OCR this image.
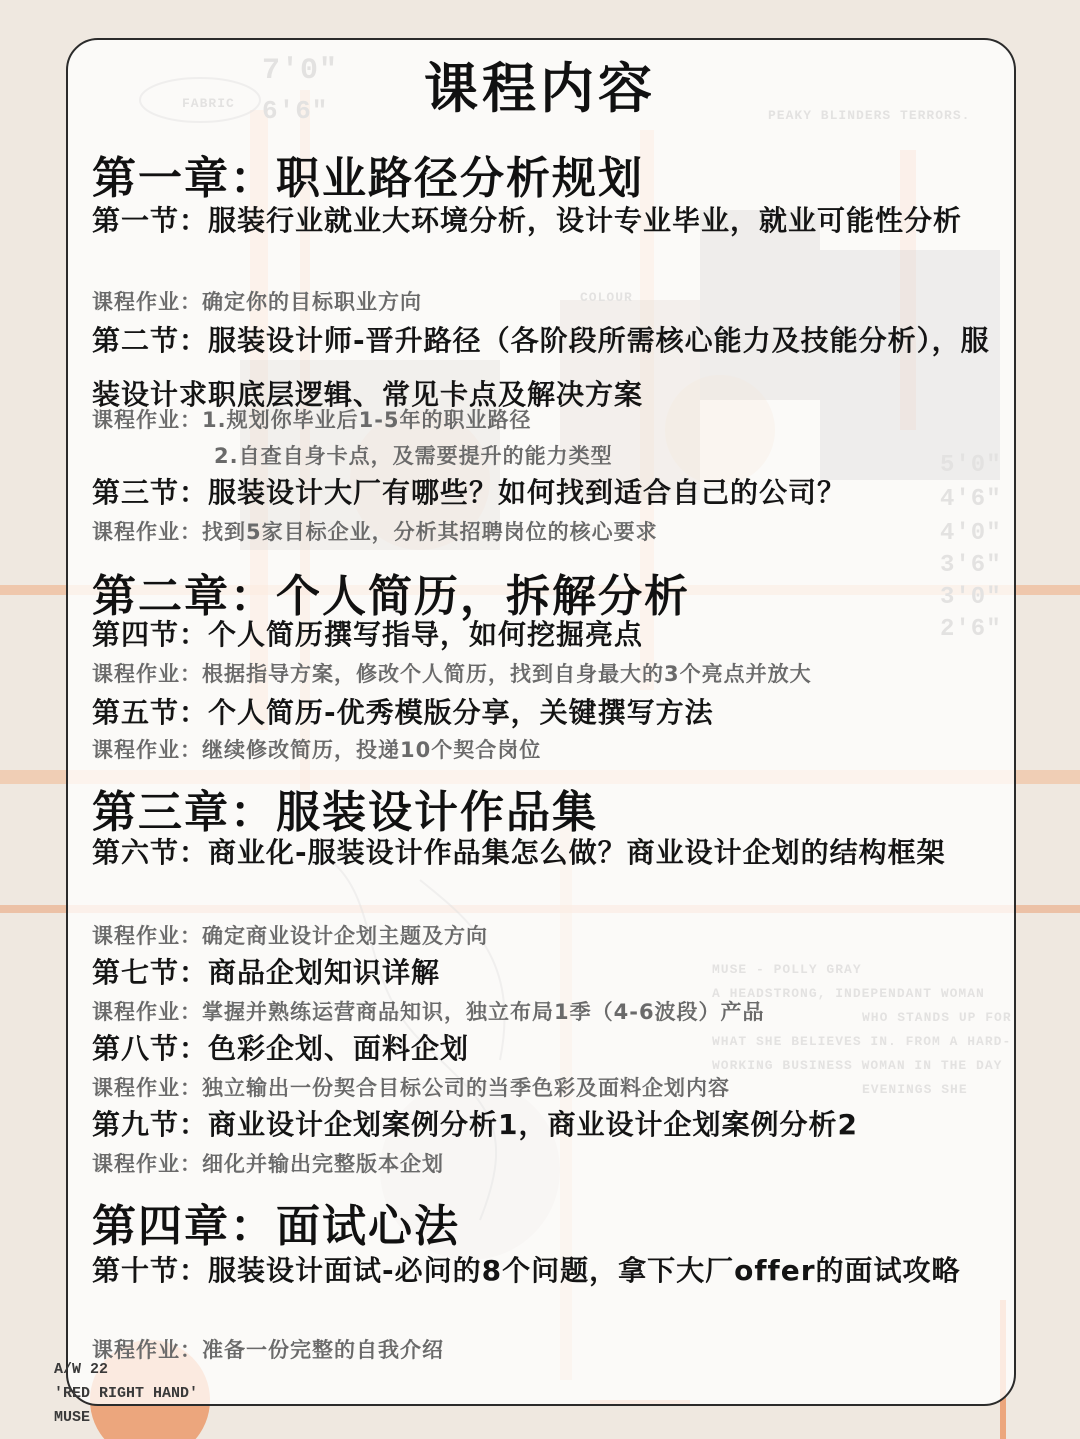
课程内容
第一章：职业路径分析规划
第一节：服装行业就业大环境分析，设计专业毕业，就业可能性分析
课程作业：确定你的目标职业方向
第二节：服装设计师-晋升路径（各阶段所需核心能力及技能分析），服装设计求职底层逻辑、常见卡点及解决方案
课程作业：1.规划你毕业后1-5年的职业路径
2.自查自身卡点，及需要提升的能力类型
第三节：服装设计大厂有哪些？如何找到适合自己的公司？
课程作业：找到5家目标企业，分析其招聘岗位的核心要求
第二章：个人简历，拆解分析
第四节：个人简历撰写指导，如何挖掘亮点
课程作业：根据指导方案，修改个人简历，找到自身最大的3个亮点并放大
第五节：个人简历-优秀模版分享，关键撰写方法
课程作业：继续修改简历，投递10个契合岗位
第三章：服装设计作品集
第六节：商业化-服装设计作品集怎么做？商业设计企划的结构框架
课程作业：确定商业设计企划主题及方向
第七节：商品企划知识详解
课程作业：掌握并熟练运营商品知识，独立布局1季（4-6波段）产品
第八节：色彩企划、面料企划
课程作业：独立输出一份契合目标公司的当季色彩及面料企划内容
第九节：商业设计企划案例分析1，商业设计企划案例分析2
课程作业：细化并输出完整版本企划
第四章：面试心法
第十节：服装设计面试-必问的8个问题，拿下大厂offer的面试攻略
课程作业：准备一份完整的自我介绍
A/W 22
'RED RIGHT HAND'
MUSE
